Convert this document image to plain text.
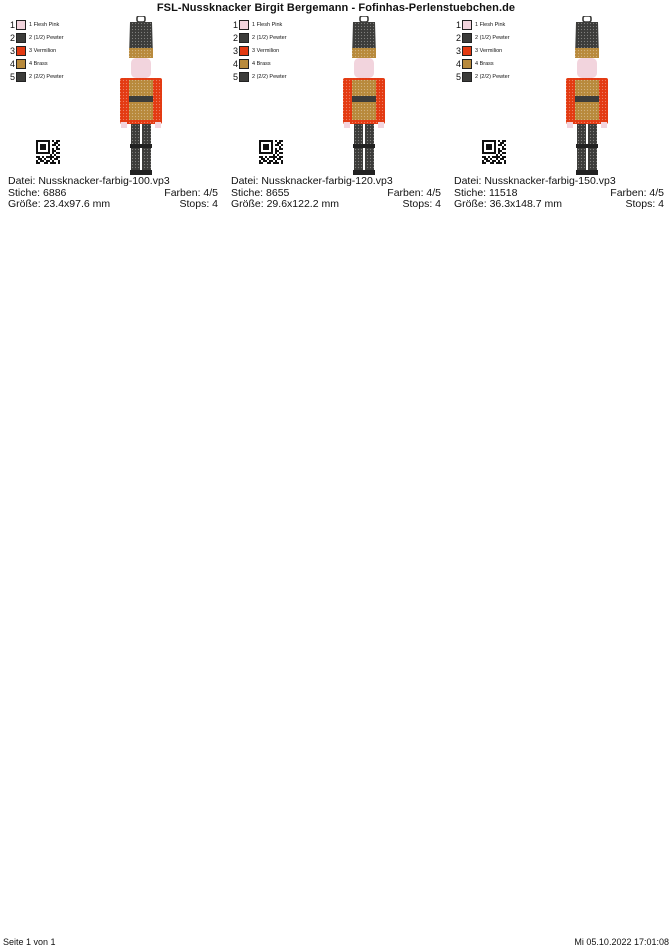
FSL-Nussknacker Birgit Bergemann - Fofinhas-Perlenstuebchen.de
1	1 Flesh Pink
2	2 (1/2) Pewter
3	3 Vermilion
4	4 Brass
5	2 (2/2) Pewter
Datei: Nussknacker-farbig-100.vp3
Stiche: 6886	Farben: 4/5
Größe: 23.4x97.6 mm	Stops: 4
1	1 Flesh Pink
2	2 (1/2) Pewter
3	3 Vermilion
4	4 Brass
5	2 (2/2) Pewter
Datei: Nussknacker-farbig-120.vp3
Stiche: 8655	Farben: 4/5
Größe: 29.6x122.2 mm	Stops: 4
1	1 Flesh Pink
2	2 (1/2) Pewter
3	3 Vermilion
4	4 Brass
5	2 (2/2) Pewter
Datei: Nussknacker-farbig-150.vp3
Stiche: 11518	Farben: 4/5
Größe: 36.3x148.7 mm	Stops: 4
Seite 1 von 1	Mi 05.10.2022 17:01:08
